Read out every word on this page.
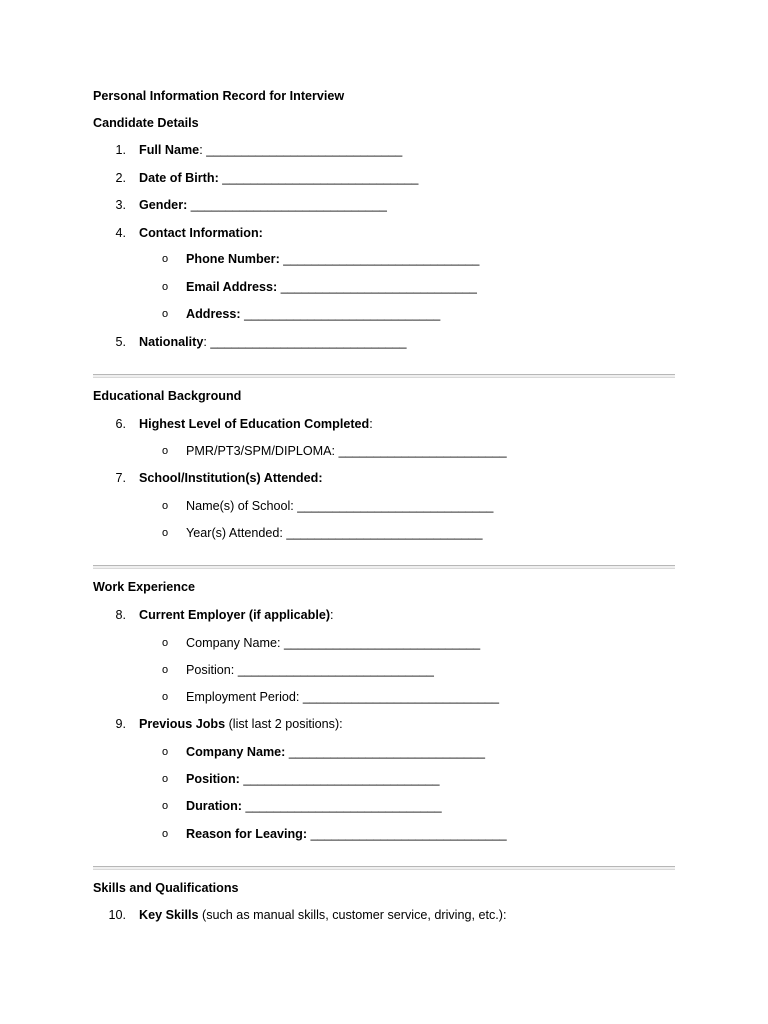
Personal Information Record for Interview
Candidate Details
1. Full Name: ____________________________
2. Date of Birth: ____________________________
3. Gender: ____________________________
4. Contact Information:
o Phone Number: ____________________________
o Email Address: ____________________________
o Address: ____________________________
5. Nationality: ____________________________
Educational Background
6. Highest Level of Education Completed:
o PMR/PT3/SPM/DIPLOMA: ________________________
7. School/Institution(s) Attended:
o Name(s) of School: ____________________________
o Year(s) Attended: ____________________________
Work Experience
8. Current Employer (if applicable):
o Company Name: ____________________________
o Position: ____________________________
o Employment Period: ____________________________
9. Previous Jobs (list last 2 positions):
o Company Name: ____________________________
o Position: ____________________________
o Duration: ____________________________
o Reason for Leaving: ____________________________
Skills and Qualifications
10. Key Skills (such as manual skills, customer service, driving, etc.):
